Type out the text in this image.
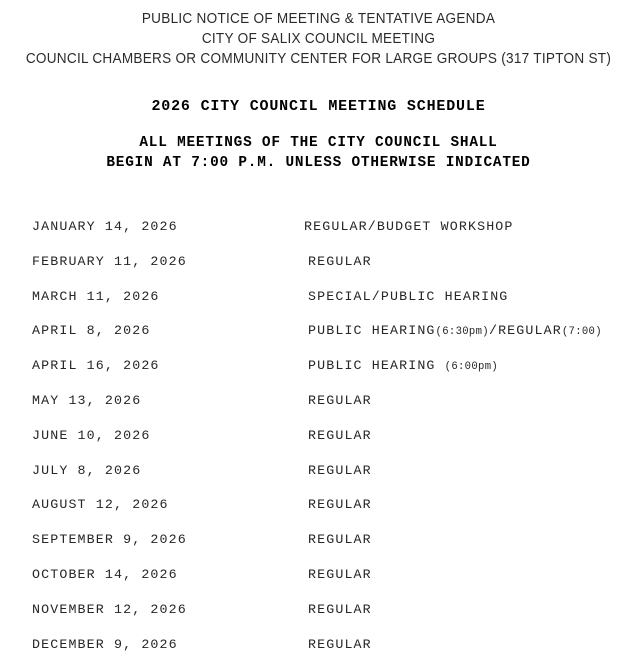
PUBLIC NOTICE OF MEETING & TENTATIVE AGENDA
CITY OF SALIX COUNCIL MEETING
COUNCIL CHAMBERS OR COMMUNITY CENTER FOR LARGE GROUPS (317 TIPTON ST)
2026 CITY COUNCIL MEETING SCHEDULE
ALL MEETINGS OF THE CITY COUNCIL SHALL
BEGIN AT 7:00 P.M. UNLESS OTHERWISE INDICATED
JANUARY 14, 2026	REGULAR/BUDGET WORKSHOP
FEBRUARY 11, 2026	REGULAR
MARCH 11, 2026	SPECIAL/PUBLIC HEARING
APRIL 8, 2026	PUBLIC HEARING(6:30pm)/REGULAR(7:00)
APRIL 16, 2026	PUBLIC HEARING (6:00pm)
MAY 13, 2026	REGULAR
JUNE 10, 2026	REGULAR
JULY 8, 2026	REGULAR
AUGUST 12, 2026	REGULAR
SEPTEMBER 9, 2026	REGULAR
OCTOBER 14, 2026	REGULAR
NOVEMBER 12, 2026	REGULAR
DECEMBER 9, 2026	REGULAR
